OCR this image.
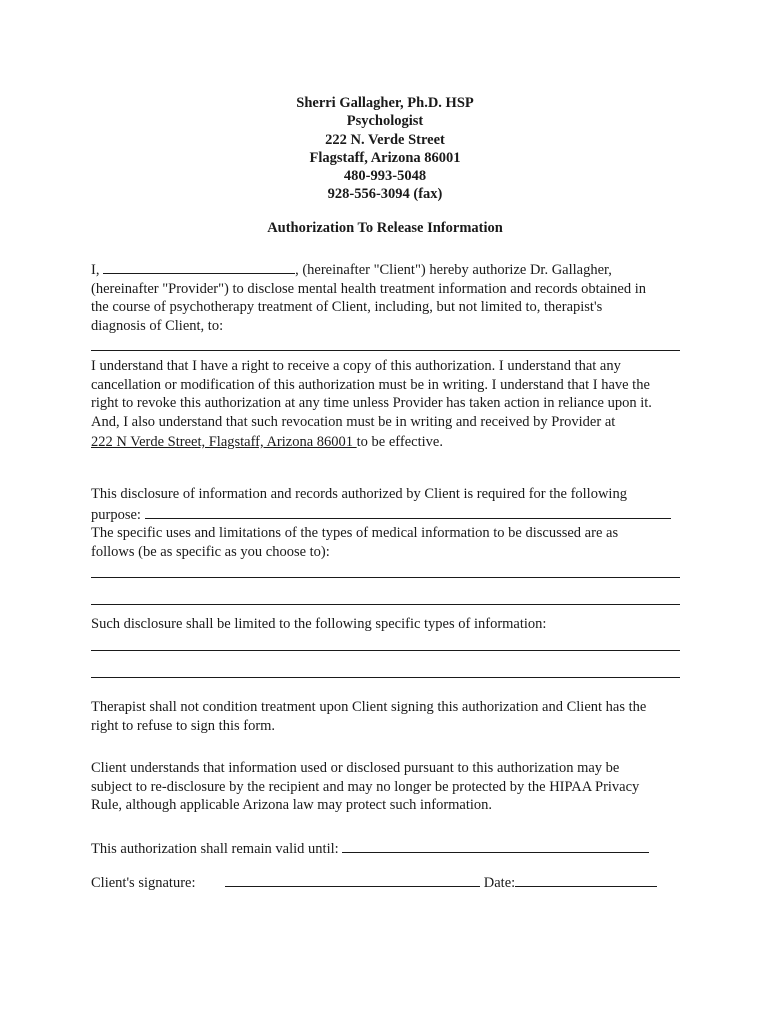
Sherri Gallagher, Ph.D. HSP
Psychologist
222 N. Verde Street
Flagstaff, Arizona 86001
480-993-5048
928-556-3094 (fax)
Authorization To Release Information
I,	, (hereinafter "Client") hereby authorize Dr. Gallagher,
(hereinafter "Provider") to disclose mental health treatment information and records obtained in
the course of psychotherapy treatment of Client, including, but not limited to, therapist's
diagnosis of Client, to:
I understand that I have a right to receive a copy of this authorization. I understand that any
cancellation or modification of this authorization must be in writing. I understand that I have the
right to revoke this authorization at any time unless Provider has taken action in reliance upon it.
And, I also understand that such revocation must be in writing and received by Provider at
222 N Verde Street, Flagstaff, Arizona 86001 to be effective.
This disclosure of information and records authorized by Client is required for the following
purpose:
The specific uses and limitations of the types of medical information to be discussed are as
follows (be as specific as you choose to):
Such disclosure shall be limited to the following specific types of information:
Therapist shall not condition treatment upon Client signing this authorization and Client has the
right to refuse to sign this form.
Client understands that information used or disclosed pursuant to this authorization may be
subject to re-disclosure by the recipient and may no longer be protected by the HIPAA Privacy
Rule, although applicable Arizona law may protect such information.
This authorization shall remain valid until:
Client's signature:	Date:
